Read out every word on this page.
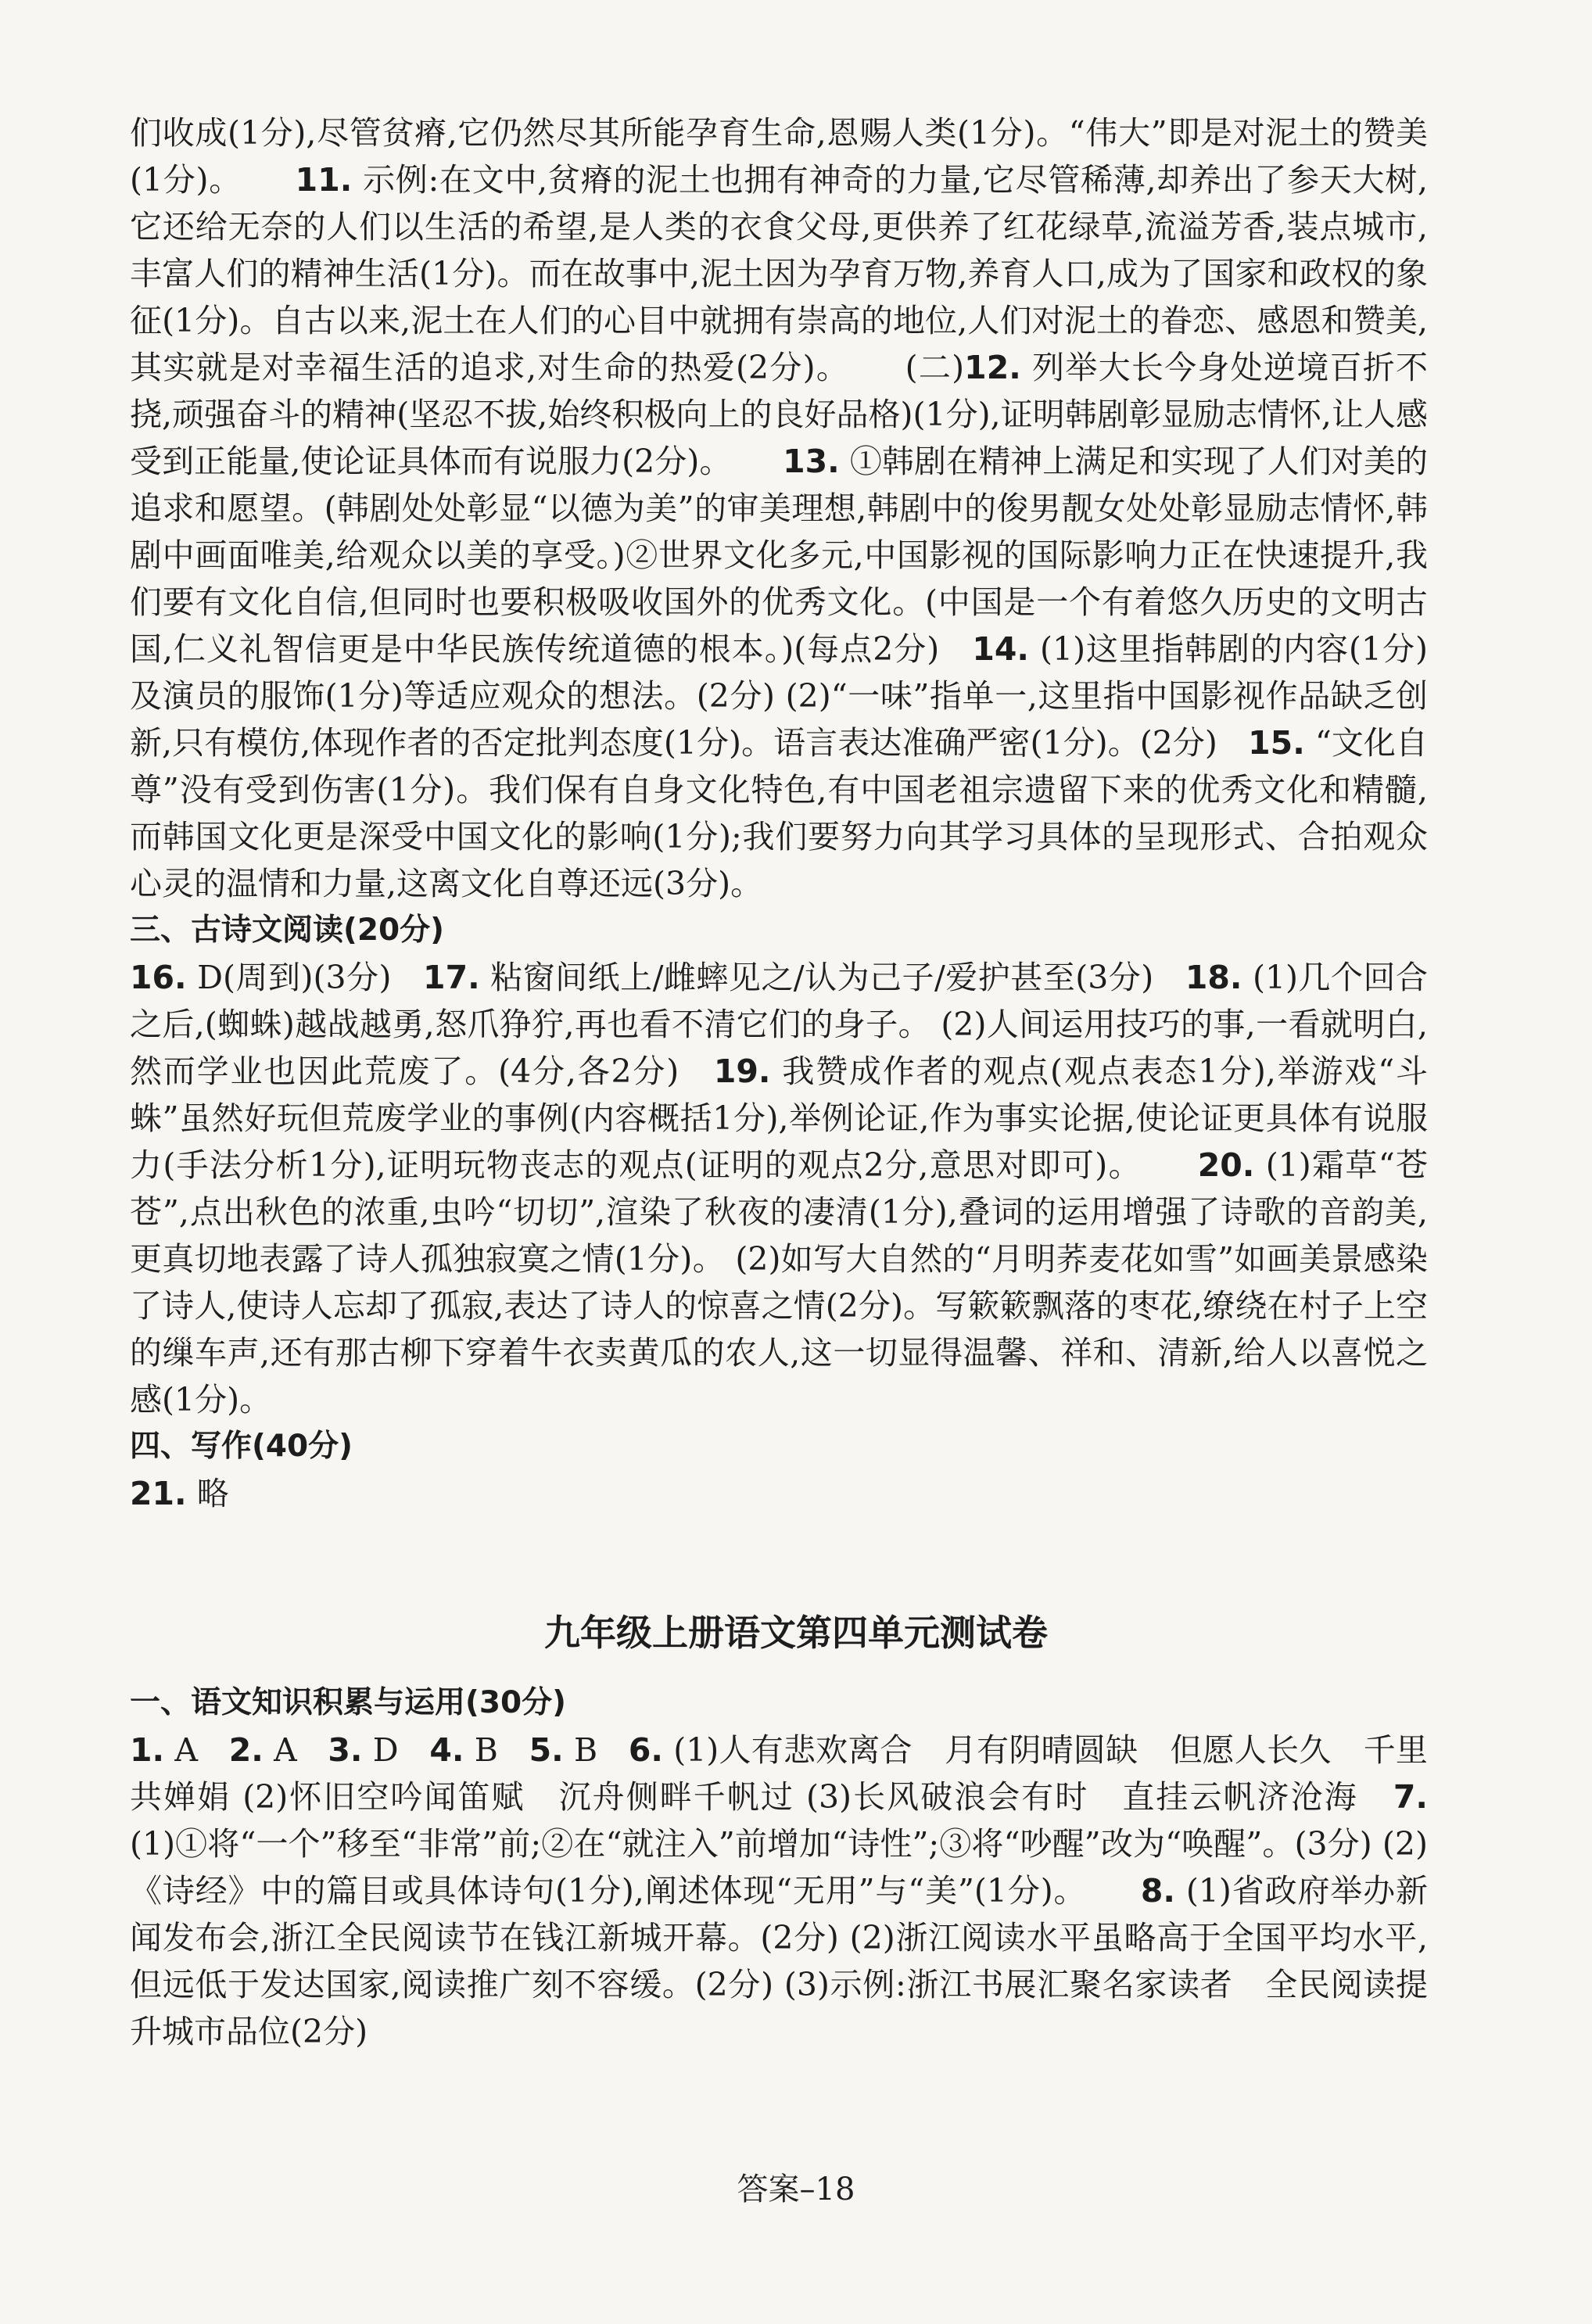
们收成(1分),尽管贫瘠,它仍然尽其所能孕育生命,恩赐人类(1分)。“伟大”即是对泥土的赞美(1分)。 11. 示例:在文中,贫瘠的泥土也拥有神奇的力量,它尽管稀薄,却养出了参天大树,它还给无奈的人们以生活的希望,是人类的衣食父母,更供养了红花绿草,流溢芳香,装点城市,丰富人们的精神生活(1分)。而在故事中,泥土因为孕育万物,养育人口,成为了国家和政权的象征(1分)。自古以来,泥土在人们的心目中就拥有崇高的地位,人们对泥土的眷恋、感恩和赞美,其实就是对幸福生活的追求,对生命的热爱(2分)。 (二)12. 列举大长今身处逆境百折不挠,顽强奋斗的精神(坚忍不拔,始终积极向上的良好品格)(1分),证明韩剧彰显励志情怀,让人感受到正能量,使论证具体而有说服力(2分)。 13. ①韩剧在精神上满足和实现了人们对美的追求和愿望。(韩剧处处彰显“以德为美”的审美理想,韩剧中的俊男靓女处处彰显励志情怀,韩剧中画面唯美,给观众以美的享受。)②世界文化多元,中国影视的国际影响力正在快速提升,我们要有文化自信,但同时也要积极吸收国外的优秀文化。(中国是一个有着悠久历史的文明古国,仁义礼智信更是中华民族传统道德的根本。)(每点2分) 14. (1)这里指韩剧的内容(1分)及演员的服饰(1分)等适应观众的想法。(2分) (2)“一味”指单一,这里指中国影视作品缺乏创新,只有模仿,体现作者的否定批判态度(1分)。语言表达准确严密(1分)。(2分) 15. “文化自尊”没有受到伤害(1分)。我们保有自身文化特色,有中国老祖宗遗留下来的优秀文化和精髓,而韩国文化更是深受中国文化的影响(1分);我们要努力向其学习具体的呈现形式、合拍观众心灵的温情和力量,这离文化自尊还远(3分)。

三、古诗文阅读(20分)

16. D(周到)(3分) 17. 粘窗间纸上/雌蟀见之/认为己子/爱护甚至(3分) 18. (1)几个回合之后,(蜘蛛)越战越勇,怒爪狰狞,再也看不清它们的身子。 (2)人间运用技巧的事,一看就明白,然而学业也因此荒废了。(4分,各2分) 19. 我赞成作者的观点(观点表态1分),举游戏“斗蛛”虽然好玩但荒废学业的事例(内容概括1分),举例论证,作为事实论据,使论证更具体有说服力(手法分析1分),证明玩物丧志的观点(证明的观点2分,意思对即可)。 20. (1)霜草“苍苍”,点出秋色的浓重,虫吟“切切”,渲染了秋夜的凄清(1分),叠词的运用增强了诗歌的音韵美,更真切地表露了诗人孤独寂寞之情(1分)。 (2)如写大自然的“月明荞麦花如雪”如画美景感染了诗人,使诗人忘却了孤寂,表达了诗人的惊喜之情(2分)。写簌簌飘落的枣花,缭绕在村子上空的缫车声,还有那古柳下穿着牛衣卖黄瓜的农人,这一切显得温馨、祥和、清新,给人以喜悦之感(1分)。

四、写作(40分)

21. 略

九年级上册语文第四单元测试卷

一、语文知识积累与运用(30分)

1. A 2. A 3. D 4. B 5. B 6. (1)人有悲欢离合　月有阴晴圆缺　但愿人长久　千里共婵娟 (2)怀旧空吟闻笛赋　沉舟侧畔千帆过 (3)长风破浪会有时　直挂云帆济沧海 7. (1)①将“一个”移至“非常”前;②在“就注入”前增加“诗性”;③将“吵醒”改为“唤醒”。(3分) (2)《诗经》中的篇目或具体诗句(1分),阐述体现“无用”与“美”(1分)。 8. (1)省政府举办新闻发布会,浙江全民阅读节在钱江新城开幕。(2分) (2)浙江阅读水平虽略高于全国平均水平,但远低于发达国家,阅读推广刻不容缓。(2分) (3)示例:浙江书展汇聚名家读者　全民阅读提升城市品位(2分)

答案–18
